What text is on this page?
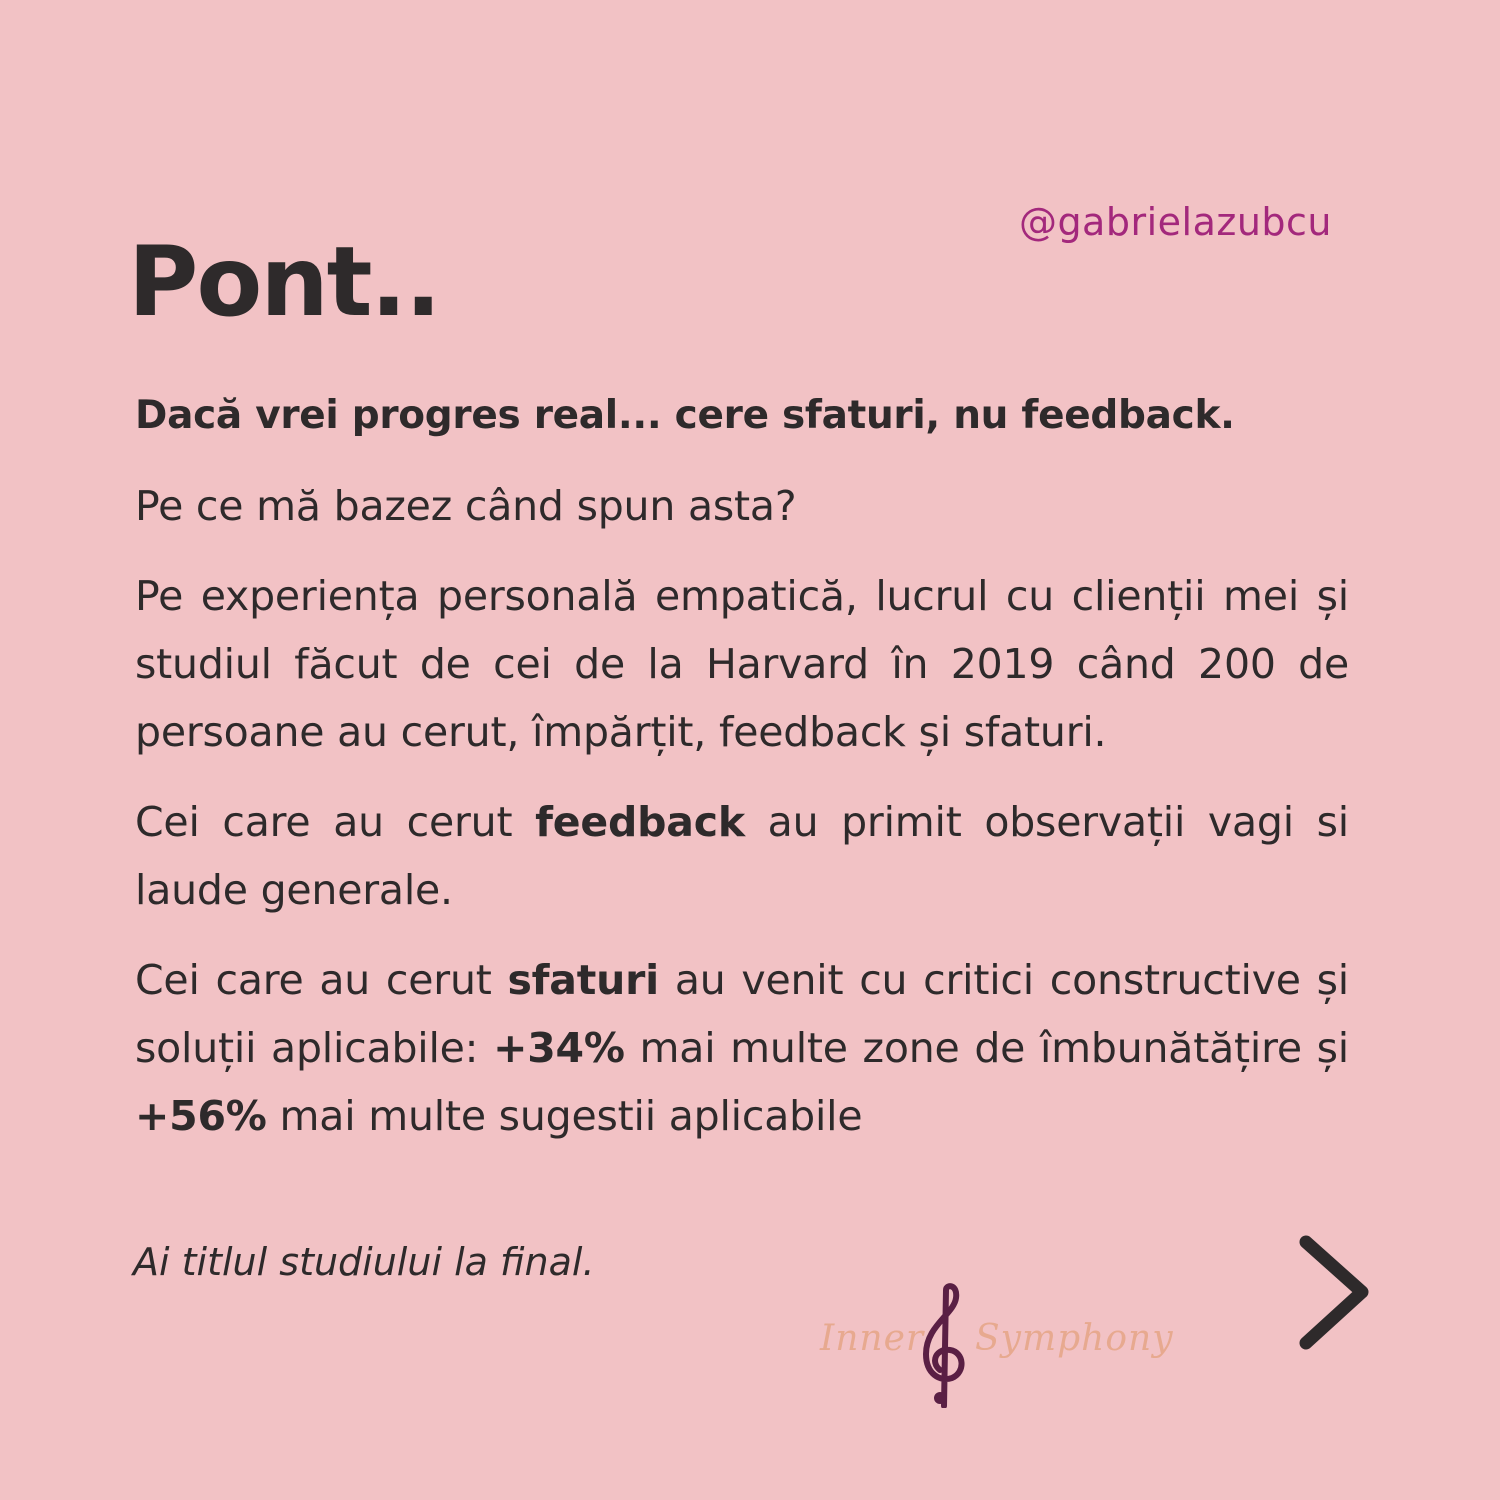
@gabrielazubcu
Pont..

Dacă vrei progres real... cere sfaturi, nu feedback.

Pe ce mă bazez când spun asta?

Pe experiența personală empatică, lucrul cu clienții mei și studiul făcut de cei de la Harvard în 2019 când 200 de persoane au cerut, împărțit, feedback și sfaturi.

Cei care au cerut feedback au primit observații vagi si laude generale.

Cei care au cerut sfaturi au venit cu critici constructive și soluții aplicabile: +34% mai multe zone de îmbunătățire și +56% mai multe sugestii aplicabile

Ai titlul studiului la final.

Inner Symphony
